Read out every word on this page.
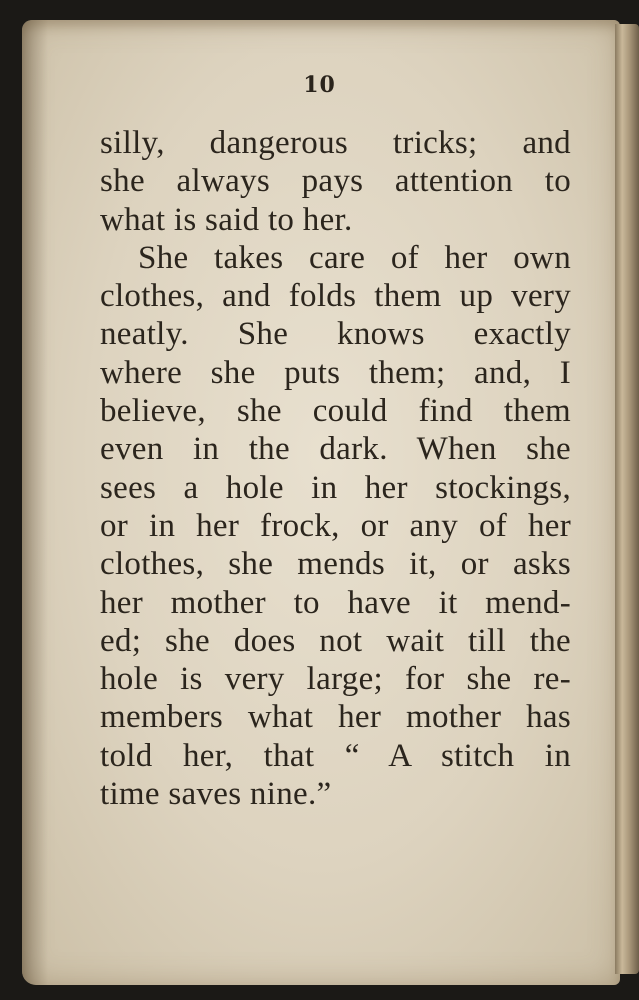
10
silly, dangerous tricks; and
she always pays attention to
what is said to her.
She takes care of her own
clothes, and folds them up very
neatly. She knows exactly
where she puts them; and, I
believe, she could find them
even in the dark. When she
sees a hole in her stockings,
or in her frock, or any of her
clothes, she mends it, or asks
her mother to have it mend-
ed; she does not wait till the
hole is very large; for she re-
members what her mother has
told her, that “ A stitch in
time saves nine.”
